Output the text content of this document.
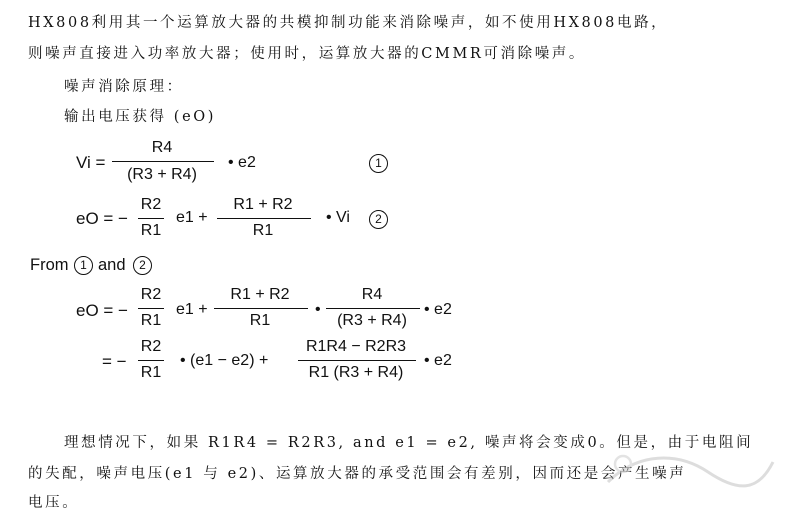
HX808利用其一个运算放大器的共模抑制功能来消除噪声，如不使用HX808电路，
则噪声直接进入功率放大器；使用时，运算放大器的CMMR可消除噪声。
噪声消除原理：
输出电压获得 (eO)
Vi =
R4
(R3 + R4)
• e2	1
eO = −
R2
R1
e1 +
R1 + R2
R1
• Vi	2
From 1 and	2
eO = −
R2
R1
e1 +
R1 + R2
R1
•
R4
(R3 + R4)
• e2
= −
R2
R1
• (e1 − e2) +
R1R4 − R2R3
R1 (R3 + R4)
• e2
理想情况下，如果 R1R4 = R2R3, and e1 = e2, 噪声将会变成0。但是，由于电阻间
的失配，噪声电压(e1 与 e2)、运算放大器的承受范围会有差别，因而还是会产生噪声
电压。
